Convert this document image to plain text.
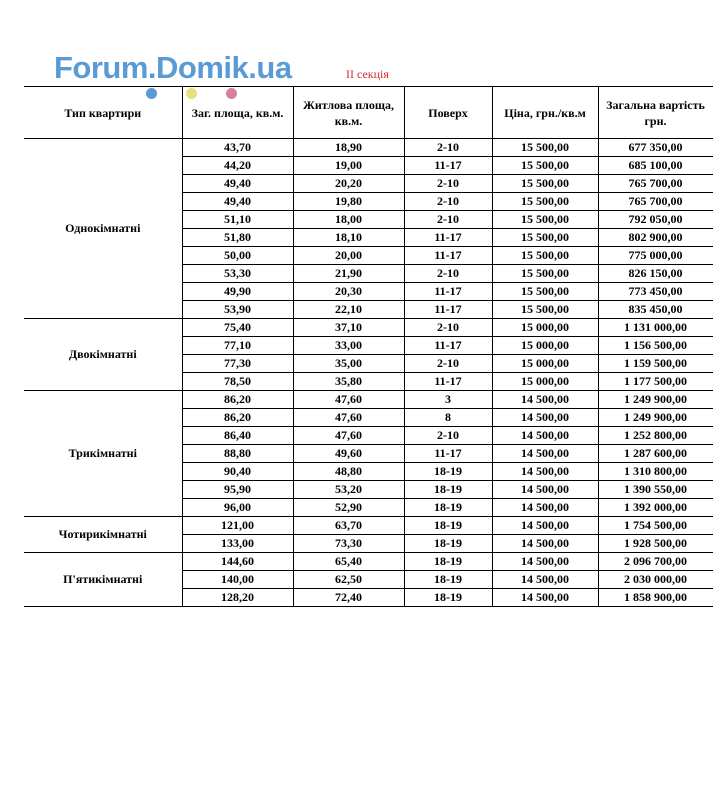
Forum.Domik.ua	II секція
Тип квартири	Заг. площа, кв.м.	Житлова площа, кв.м.	Поверх	Ціна, грн./кв.м	Загальна вартість грн.
Однокімнатні	43,70	18,90	2-10	15 500,00	677 350,00
	44,20	19,00	11-17	15 500,00	685 100,00
	49,40	20,20	2-10	15 500,00	765 700,00
	49,40	19,80	2-10	15 500,00	765 700,00
	51,10	18,00	2-10	15 500,00	792 050,00
	51,80	18,10	11-17	15 500,00	802 900,00
	50,00	20,00	11-17	15 500,00	775 000,00
	53,30	21,90	2-10	15 500,00	826 150,00
	49,90	20,30	11-17	15 500,00	773 450,00
	53,90	22,10	11-17	15 500,00	835 450,00
Двокімнатні	75,40	37,10	2-10	15 000,00	1 131 000,00
	77,10	33,00	11-17	15 000,00	1 156 500,00
	77,30	35,00	2-10	15 000,00	1 159 500,00
	78,50	35,80	11-17	15 000,00	1 177 500,00
Трикімнатні	86,20	47,60	3	14 500,00	1 249 900,00
	86,20	47,60	8	14 500,00	1 249 900,00
	86,40	47,60	2-10	14 500,00	1 252 800,00
	88,80	49,60	11-17	14 500,00	1 287 600,00
	90,40	48,80	18-19	14 500,00	1 310 800,00
	95,90	53,20	18-19	14 500,00	1 390 550,00
	96,00	52,90	18-19	14 500,00	1 392 000,00
Чотирикімнатні	121,00	63,70	18-19	14 500,00	1 754 500,00
	133,00	73,30	18-19	14 500,00	1 928 500,00
П'ятикімнатні	144,60	65,40	18-19	14 500,00	2 096 700,00
	140,00	62,50	18-19	14 500,00	2 030 000,00
	128,20	72,40	18-19	14 500,00	1 858 900,00
